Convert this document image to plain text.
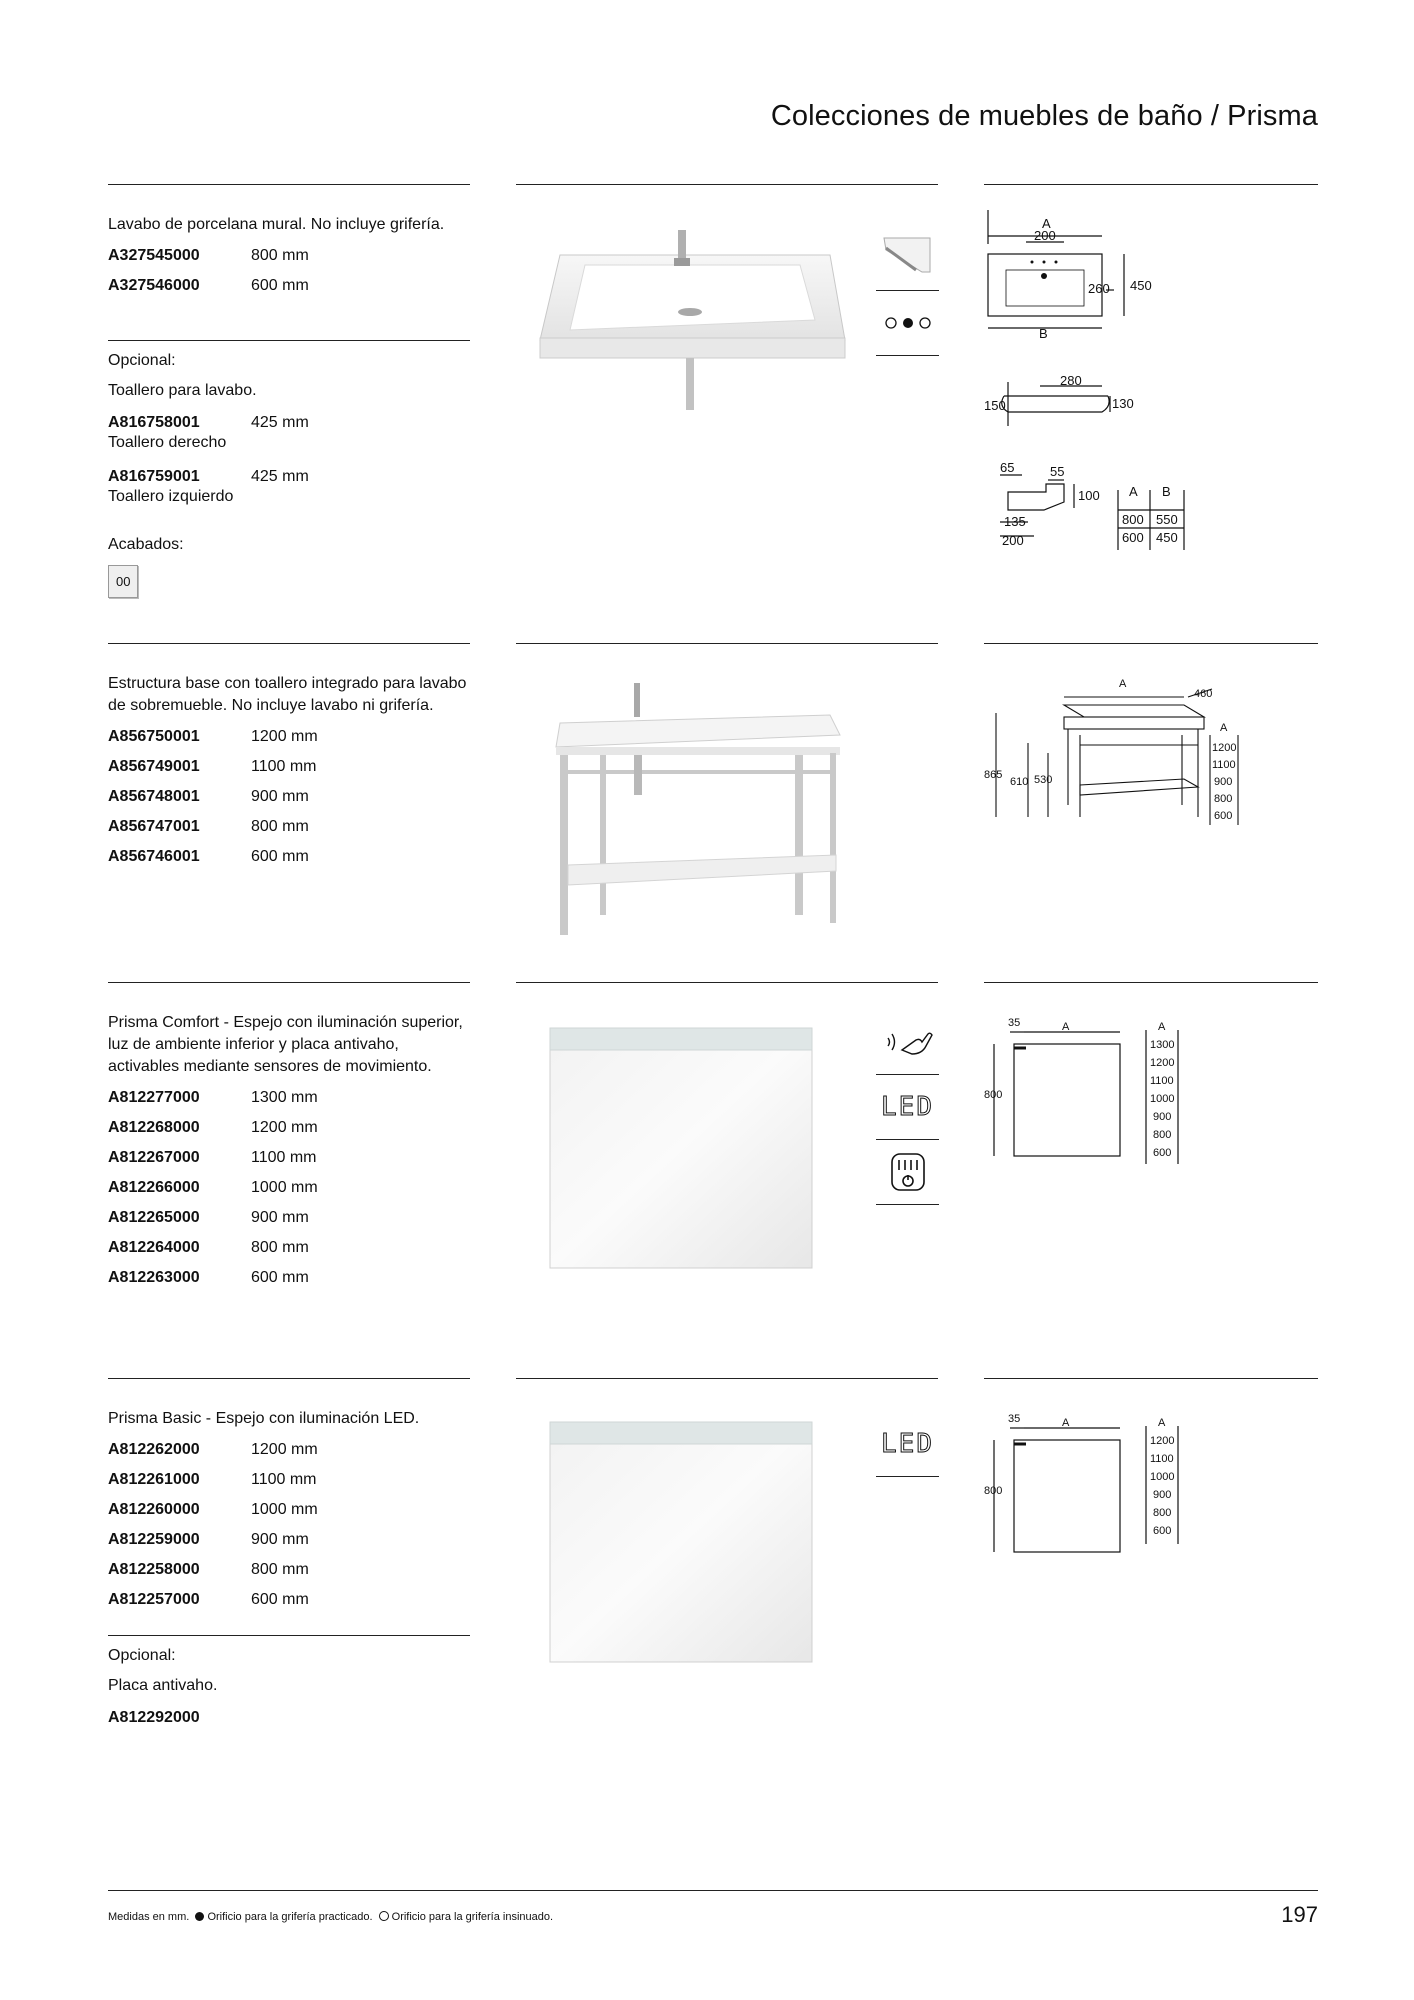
Colecciones de muebles de baño / Prisma
Lavabo de porcelana mural. No incluye grifería.
A327545000	800 mm
A327546000	600 mm
Opcional:
Toallero para lavabo.
A816758001	425 mm
Toallero derecho
A816759001	425 mm
Toallero izquierdo
Acabados:
00
A
200
260 450
B
280
150	130
65	55
100
135
200
A B
800 550
600 450
Estructura base con toallero integrado para lavabo de sobremueble. No incluye lavabo ni grifería.
A856750001	1200 mm
A856749001	1100 mm
A856748001	900 mm
A856747001	800 mm
A856746001	600 mm
A
460
865
610 530
A
1200
1100
900
800
600
Prisma Comfort - Espejo con iluminación superior, luz de ambiente inferior y placa antivaho, activables mediante sensores de movimiento.
A812277000	1300 mm
A812268000	1200 mm
A812267000	1100 mm
A812266000	1000 mm
A812265000	900 mm
A812264000	800 mm
A812263000	600 mm
LED
35	A
800
A
1300
1200
1100
1000
900
800
600
Prisma Basic - Espejo con iluminación LED.
A812262000	1200 mm
A812261000	1100 mm
A812260000	1000 mm
A812259000	900 mm
A812258000	800 mm
A812257000	600 mm
Opcional:
Placa antivaho.
A812292000
LED
35	A
800
A
1200
1100
1000
900
800
600
Medidas en mm. Orificio para la grifería practicado. Orificio para la grifería insinuado.	197
